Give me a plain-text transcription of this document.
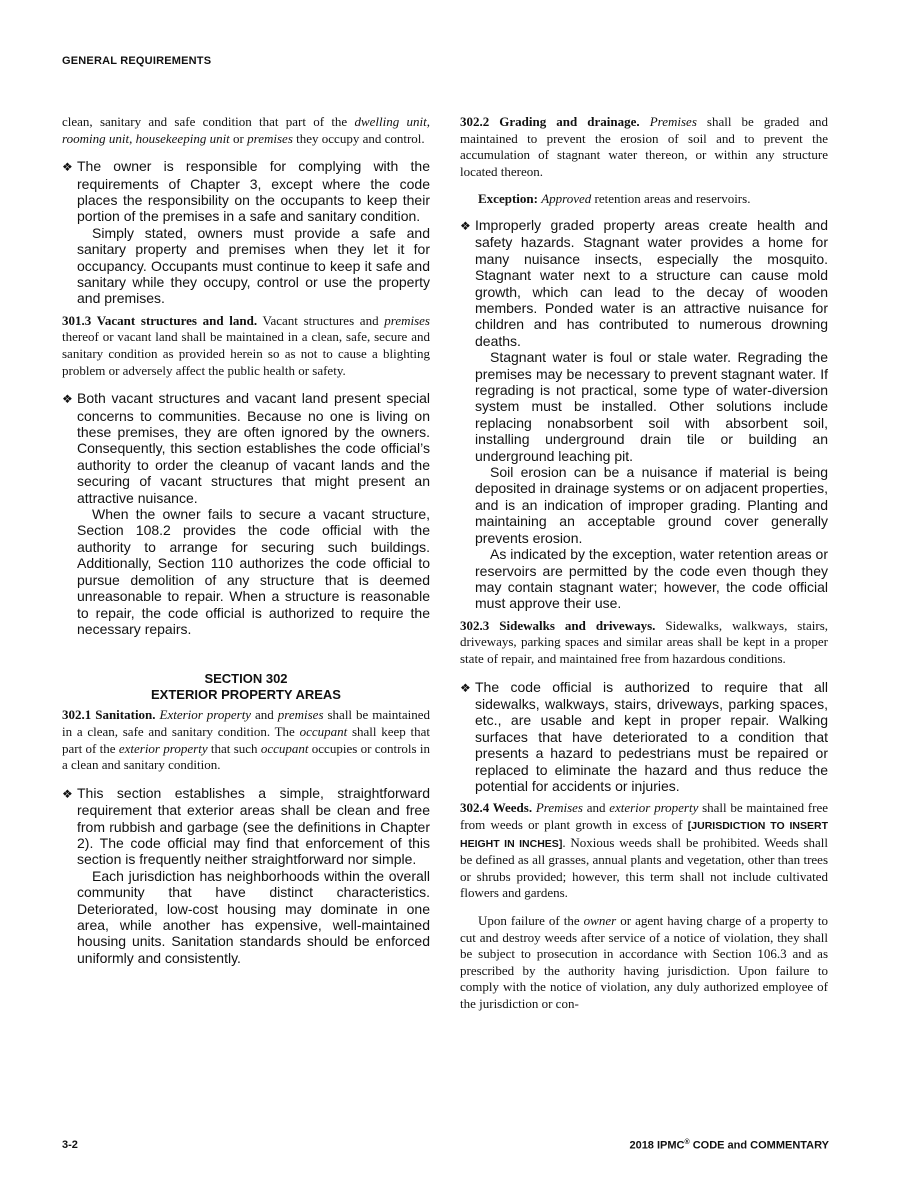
GENERAL REQUIREMENTS

clean, sanitary and safe condition that part of the dwelling unit, rooming unit, housekeeping unit or premises they occupy and control.

❖ The owner is responsible for complying with the requirements of Chapter 3, except where the code places the responsibility on the occupants to keep their portion of the premises in a safe and sanitary condition.

Simply stated, owners must provide a safe and sanitary property and premises when they let it for occupancy. Occupants must continue to keep it safe and sanitary while they occupy, control or use the property and premises.

301.3 Vacant structures and land. Vacant structures and premises thereof or vacant land shall be maintained in a clean, safe, secure and sanitary condition as provided herein so as not to cause a blighting problem or adversely affect the public health or safety.

❖ Both vacant structures and vacant land present special concerns to communities. Because no one is living on these premises, they are often ignored by the owners. Consequently, this section establishes the code official’s authority to order the cleanup of vacant lands and the securing of vacant structures that might present an attractive nuisance.

When the owner fails to secure a vacant structure, Section 108.2 provides the code official with the authority to arrange for securing such buildings. Additionally, Section 110 authorizes the code official to pursue demolition of any structure that is deemed unreasonable to repair. When a structure is reasonable to repair, the code official is authorized to require the necessary repairs.

SECTION 302
EXTERIOR PROPERTY AREAS

302.1 Sanitation. Exterior property and premises shall be maintained in a clean, safe and sanitary condition. The occupant shall keep that part of the exterior property that such occupant occupies or controls in a clean and sanitary condition.

❖ This section establishes a simple, straightforward requirement that exterior areas shall be clean and free from rubbish and garbage (see the definitions in Chapter 2). The code official may find that enforcement of this section is frequently neither straightforward nor simple.

Each jurisdiction has neighborhoods within the overall community that have distinct characteristics. Deteriorated, low-cost housing may dominate in one area, while another has expensive, well-maintained housing units. Sanitation standards should be enforced uniformly and consistently.

302.2 Grading and drainage. Premises shall be graded and maintained to prevent the erosion of soil and to prevent the accumulation of stagnant water thereon, or within any structure located thereon.

Exception: Approved retention areas and reservoirs.

❖ Improperly graded property areas create health and safety hazards. Stagnant water provides a home for many nuisance insects, especially the mosquito. Stagnant water next to a structure can cause mold growth, which can lead to the decay of wooden members. Ponded water is an attractive nuisance for children and has contributed to numerous drowning deaths.

Stagnant water is foul or stale water. Regrading the premises may be necessary to prevent stagnant water. If regrading is not practical, some type of water-diversion system must be installed. Other solutions include replacing nonabsorbent soil with absorbent soil, installing underground drain tile or building an underground leaching pit.

Soil erosion can be a nuisance if material is being deposited in drainage systems or on adjacent properties, and is an indication of improper grading. Planting and maintaining an acceptable ground cover generally prevents erosion.

As indicated by the exception, water retention areas or reservoirs are permitted by the code even though they may contain stagnant water; however, the code official must approve their use.

302.3 Sidewalks and driveways. Sidewalks, walkways, stairs, driveways, parking spaces and similar areas shall be kept in a proper state of repair, and maintained free from hazardous conditions.

❖ The code official is authorized to require that all sidewalks, walkways, stairs, driveways, parking spaces, etc., are usable and kept in proper repair. Walking surfaces that have deteriorated to a condition that presents a hazard to pedestrians must be repaired or replaced to eliminate the hazard and thus reduce the potential for accidents or injuries.

302.4 Weeds. Premises and exterior property shall be maintained free from weeds or plant growth in excess of [JURISDICTION TO INSERT HEIGHT IN INCHES]. Noxious weeds shall be prohibited. Weeds shall be defined as all grasses, annual plants and vegetation, other than trees or shrubs provided; however, this term shall not include cultivated flowers and gardens.

Upon failure of the owner or agent having charge of a property to cut and destroy weeds after service of a notice of violation, they shall be subject to prosecution in accordance with Section 106.3 and as prescribed by the authority having jurisdiction. Upon failure to comply with the notice of violation, any duly authorized employee of the jurisdiction or con-

3-2	2018 IPMC® CODE and COMMENTARY
